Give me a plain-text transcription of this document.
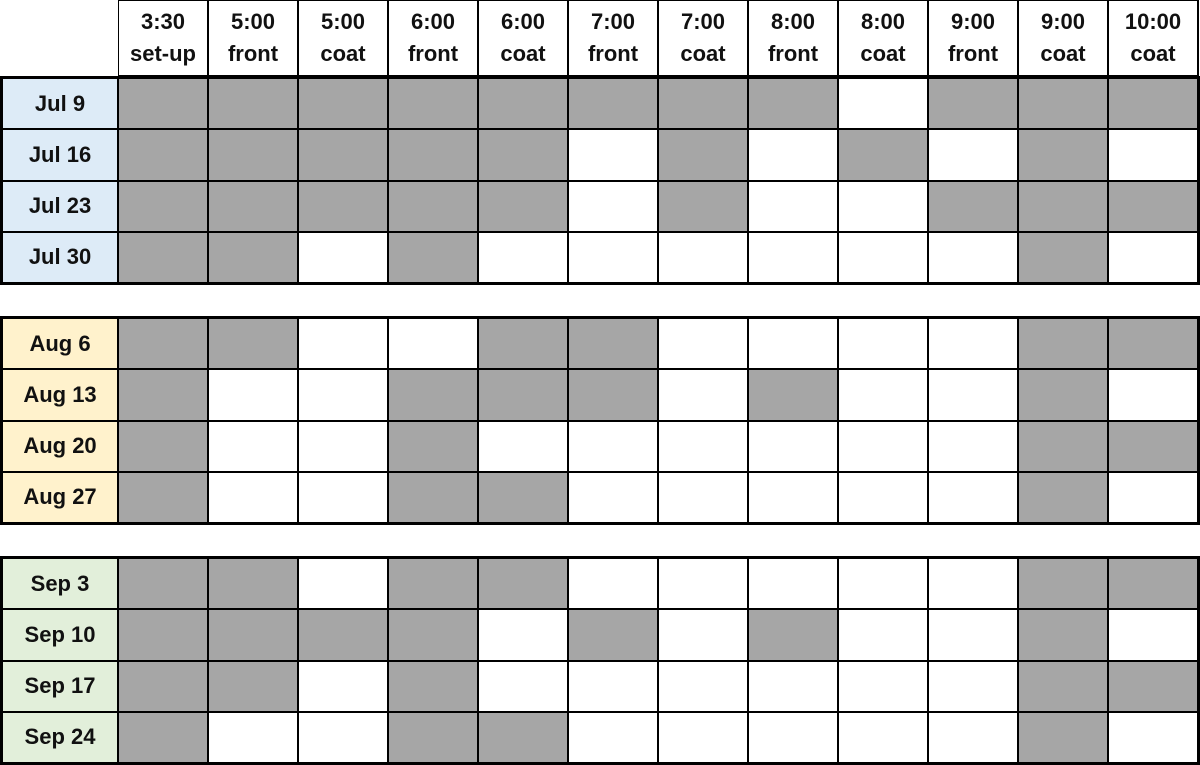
3:30
set-up
5:00
front
5:00
coat
6:00
front
6:00
coat
7:00
front
7:00
coat
8:00
front
8:00
coat
9:00
front
9:00
coat
10:00
coat
Jul 9
Jul 16
Jul 23
Jul 30
Aug 6
Aug 13
Aug 20
Aug 27
Sep 3
Sep 10
Sep 17
Sep 24
